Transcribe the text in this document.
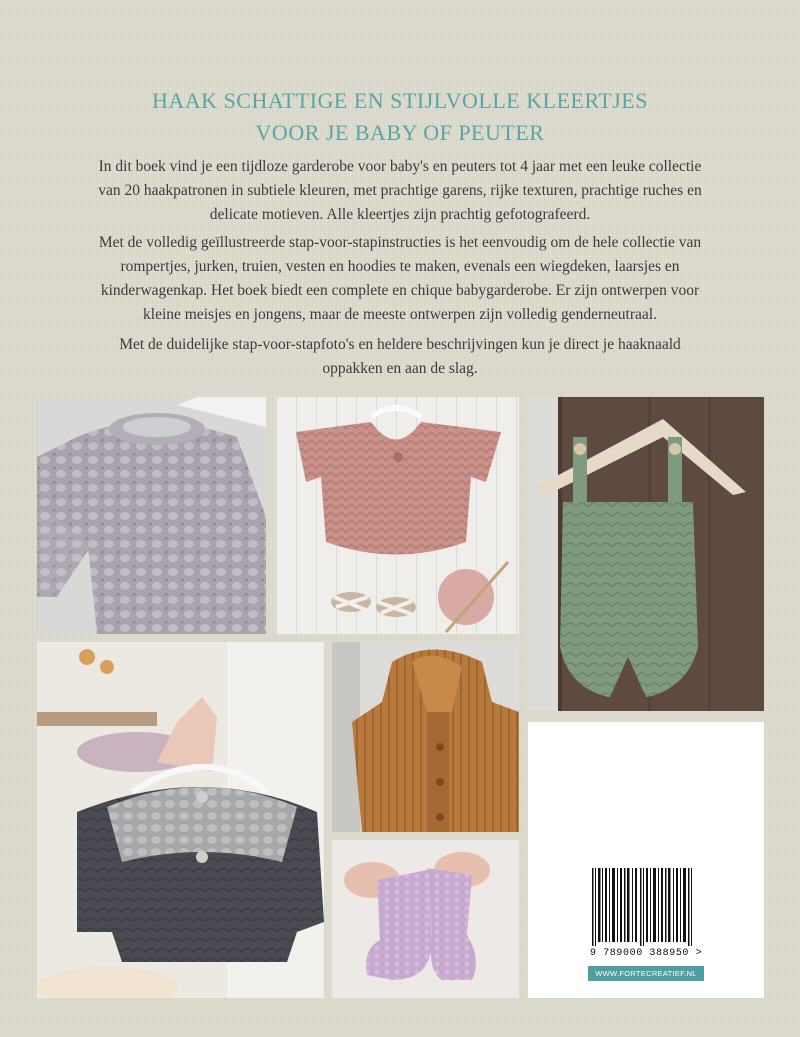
HAAK SCHATTIGE EN STIJLVOLLE KLEERTJES
VOOR JE BABY OF PEUTER

In dit boek vind je een tijdloze garderobe voor baby's en peuters tot 4 jaar met een leuke collectie van 20 haakpatronen in subtiele kleuren, met prachtige garens, rijke texturen, prachtige ruches en delicate motieven. Alle kleertjes zijn prachtig gefotografeerd.

Met de volledig geïllustreerde stap-voor-stapinstructies is het eenvoudig om de hele collectie van rompertjes, jurken, truien, vesten en hoodies te maken, evenals een wiegdeken, laarsjes en kinderwagenkap. Het boek biedt een complete en chique babygarderobe. Er zijn ontwerpen voor kleine meisjes en jongens, maar de meeste ontwerpen zijn volledig genderneutraal.

Met de duidelijke stap-voor-stapfoto's en heldere beschrijvingen kun je direct je haaknaald oppakken en aan de slag.

9 789000 388950 >
WWW.FORTECREATIEF.NL
